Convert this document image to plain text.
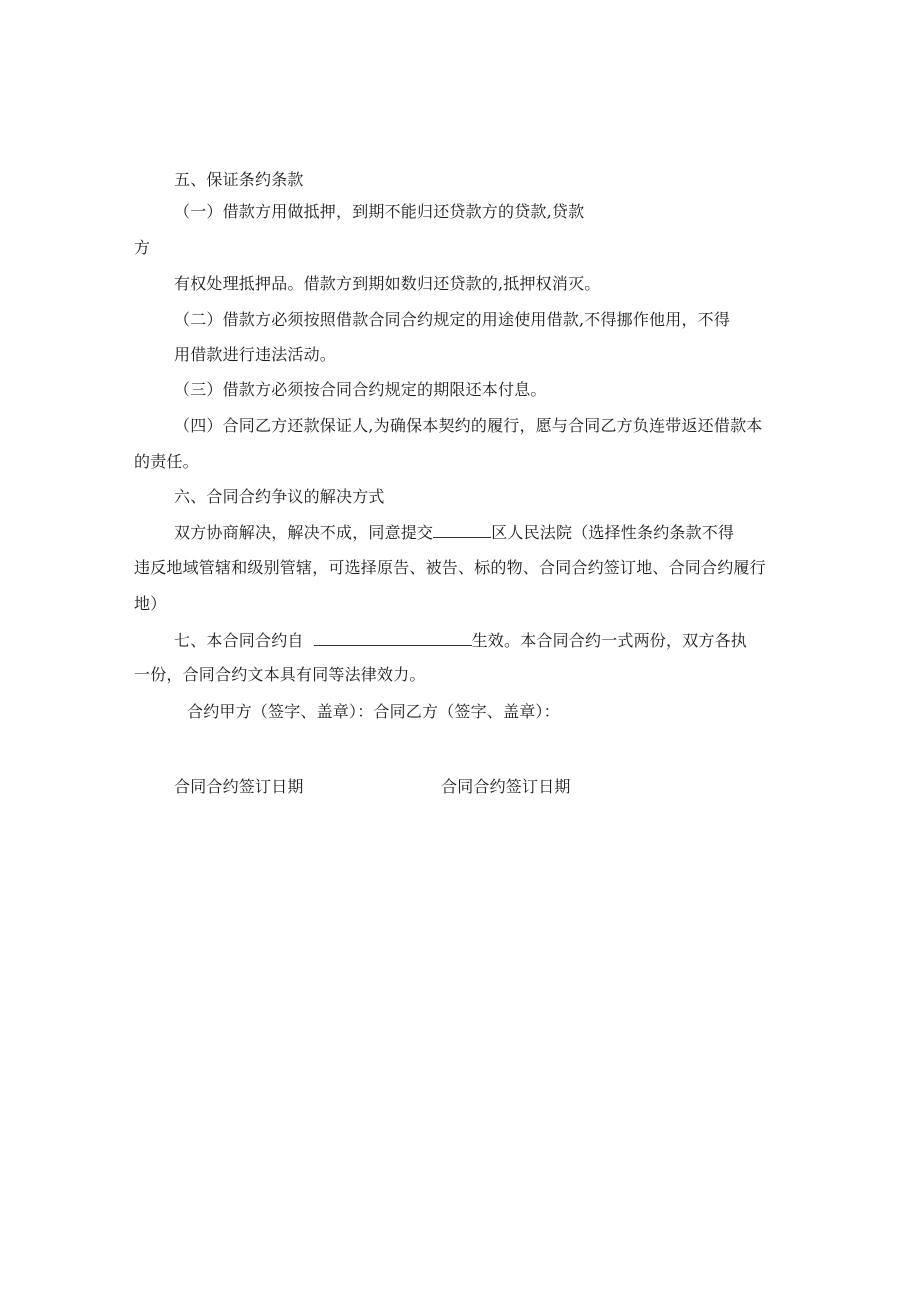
五、保证条约条款
（一）借款方用做抵押，到期不能归还贷款方的贷款,贷款
方
有权处理抵押品。借款方到期如数归还贷款的,抵押权消灭。
（二）借款方必须按照借款合同合约规定的用途使用借款,不得挪作他用，不得
用借款进行违法活动。
（三）借款方必须按合同合约规定的期限还本付息。
（四）合同乙方还款保证人,为确保本契约的履行，愿与合同乙方负连带返还借款本
的责任。
六、合同合约争议的解决方式
双方协商解决，解决不成，同意提交	区人民法院（选择性条约条款不得
违反地域管辖和级别管辖，可选择原告、被告、标的物、合同合约签订地、合同合约履行
地）
七、本合同合约自	生效。本合同合约一式两份，双方各执
一份，合同合约文本具有同等法律效力。
合约甲方（签字、盖章）：合同乙方（签字、盖章）：
合同合约签订日期	合同合约签订日期
